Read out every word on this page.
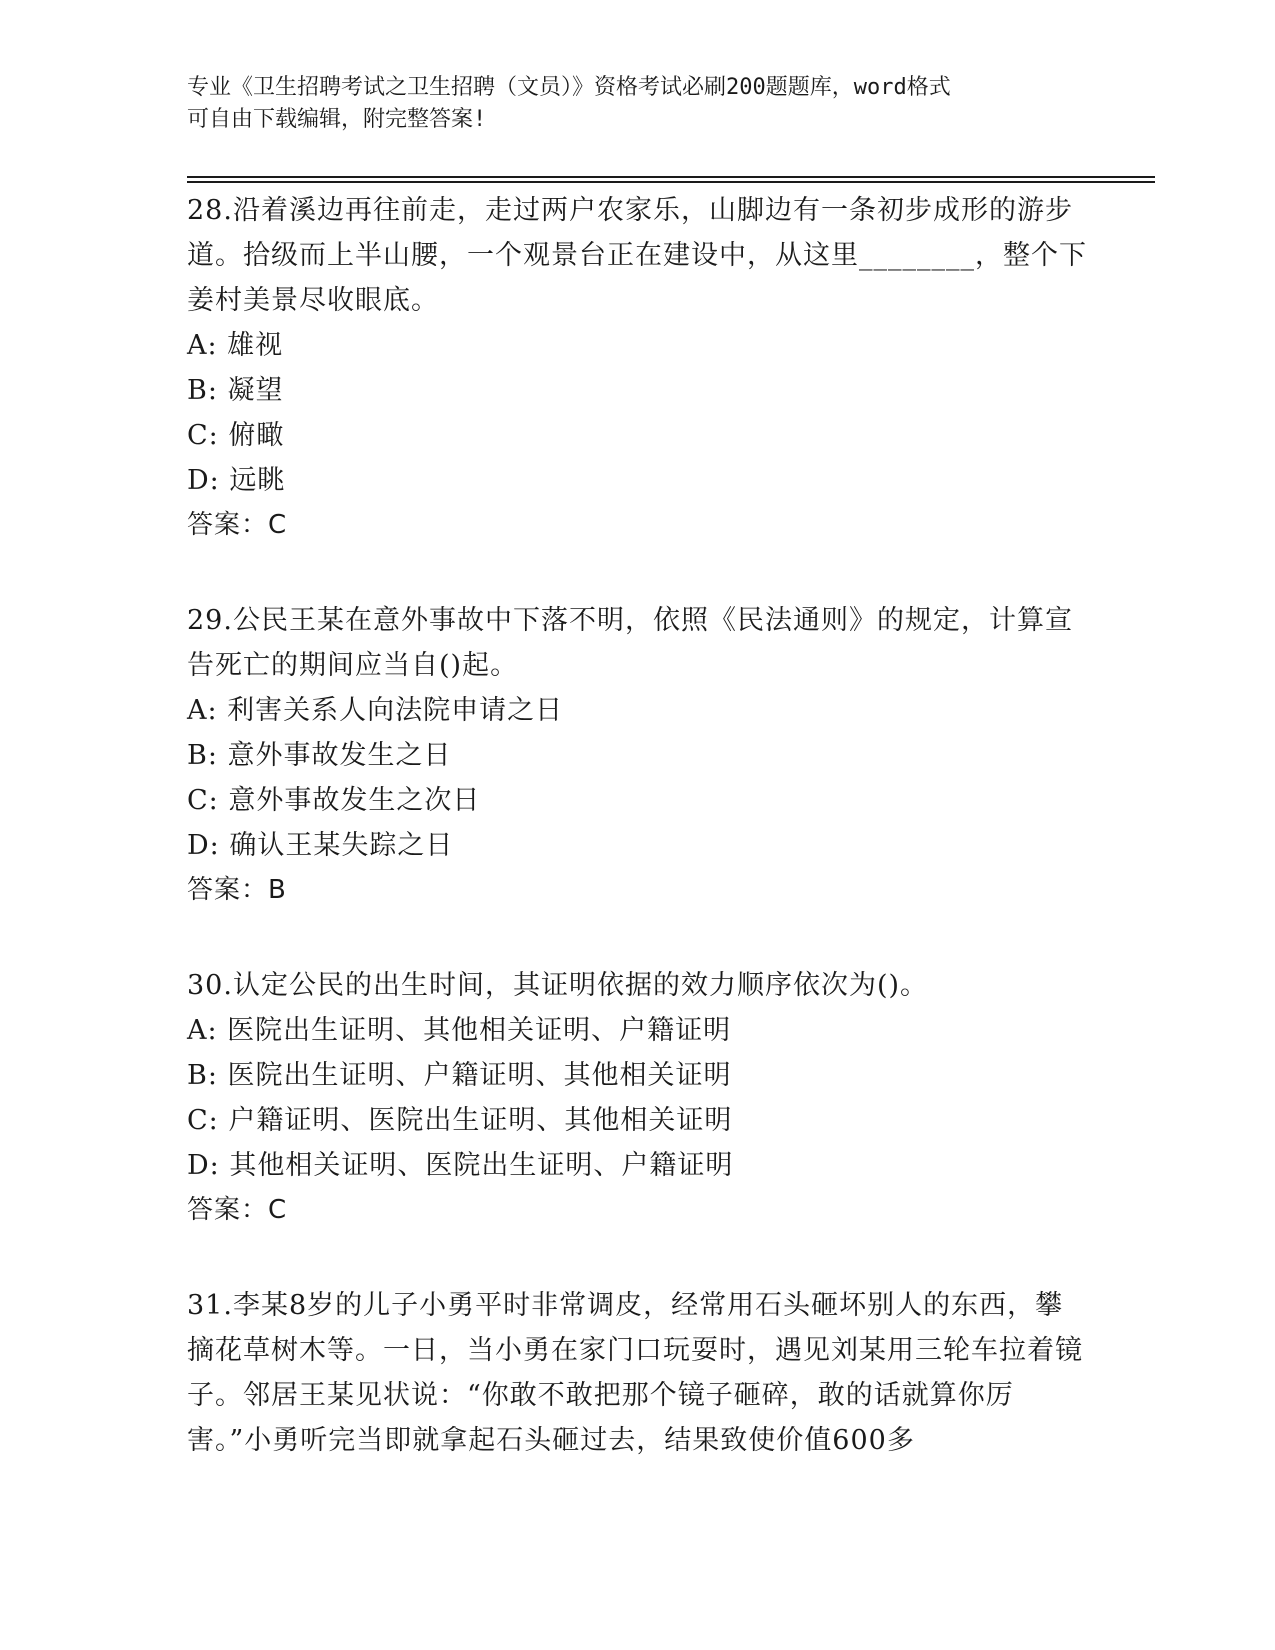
专业《卫生招聘考试之卫生招聘（文员）》资格考试必刷200题题库，word格式
可自由下载编辑，附完整答案!

28.沿着溪边再往前走，走过两户农家乐，山脚边有一条初步成形的游步道。拾级而上半山腰，一个观景台正在建设中，从这里________，整个下姜村美景尽收眼底。

A: 雄视

B: 凝望

C: 俯瞰

D: 远眺

答案：C

29.公民王某在意外事故中下落不明，依照《民法通则》的规定，计算宣告死亡的期间应当自()起。

A: 利害关系人向法院申请之日

B: 意外事故发生之日

C: 意外事故发生之次日

D: 确认王某失踪之日

答案：B

30.认定公民的出生时间，其证明依据的效力顺序依次为()。

A: 医院出生证明、其他相关证明、户籍证明

B: 医院出生证明、户籍证明、其他相关证明

C: 户籍证明、医院出生证明、其他相关证明

D: 其他相关证明、医院出生证明、户籍证明

答案：C

31.李某8岁的儿子小勇平时非常调皮，经常用石头砸坏别人的东西，攀摘花草树木等。一日，当小勇在家门口玩耍时，遇见刘某用三轮车拉着镜子。邻居王某见状说：“你敢不敢把那个镜子砸碎，敢的话就算你厉害。”小勇听完当即就拿起石头砸过去，结果致使价值600多
